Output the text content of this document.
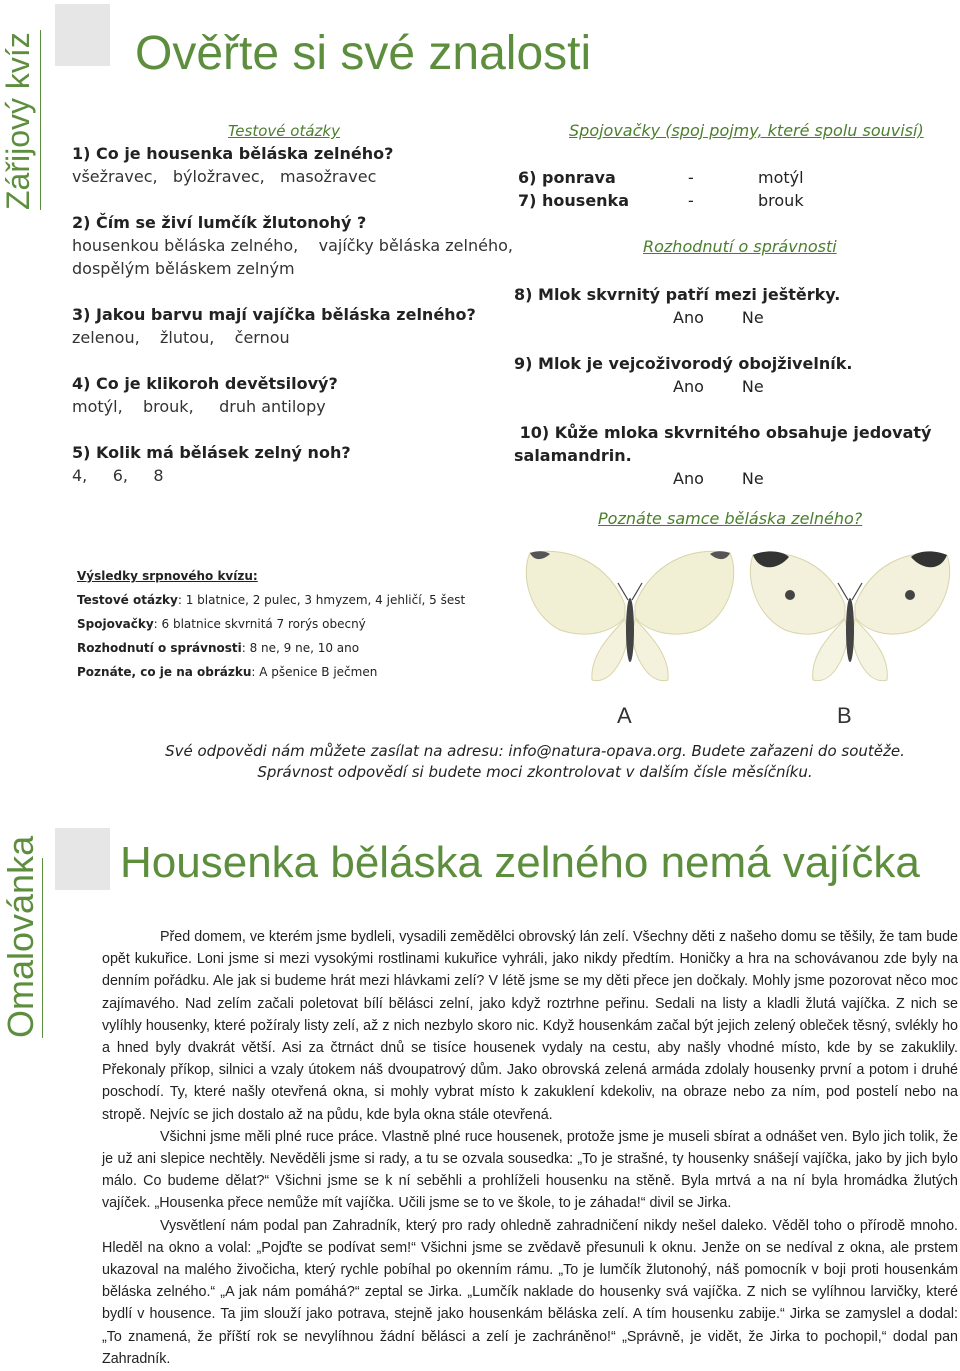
Zářijový kvíz
Omalovánka
Ověřte si své znalosti
Testové otázky
1) Co je housenka běláska zelného?
všežravec,   býložravec,   masožravec
2) Čím se živí lumčík žlutonohý ?
housenkou běláska zelného,    vajíčky běláska zelného,
dospělým běláskem zelným
3) Jakou barvu mají vajíčka běláska zelného?
zelenou,    žlutou,    černou
4) Co je klikoroh devětsilový?
motýl,    brouk,     druh antilopy
5) Kolik má bělásek zelný noh?
4,     6,     8
Spojovačky (spoj pojmy, které spolu souvisí)
6) ponrava	-	motýl
7) housenka	-	brouk
Rozhodnutí o správnosti
8) Mlok skvrnitý patří mezi ještěrky.
Ano Ne
9) Mlok je vejcoživorodý obojživelník.
Ano Ne
10) Kůže mloka skvrnitého obsahuje jedovatý
salamandrin.
Ano Ne
Poznáte samce běláska zelného?
Výsledky srpnového kvízu:
Testové otázky: 1 blatnice, 2 pulec, 3 hmyzem, 4 jehličí, 5 šest
Spojovačky: 6 blatnice skvrnitá 7 rorýs obecný
Rozhodnutí o správnosti: 8 ne, 9 ne, 10 ano
Poznáte, co je na obrázku: A pšenice B ječmen
A	B
Své odpovědi nám můžete zasílat na adresu: info@natura-opava.org. Budete zařazeni do soutěže.
Správnost odpovědí si budete moci zkontrolovat v dalším čísle měsíčníku.
Housenka běláska zelného nemá vajíčka

Před domem, ve kterém jsme bydleli, vysadili zemědělci obrovský lán zelí. Všechny děti z našeho domu se těšily, že tam bude opět kukuřice. Loni jsme si mezi vysokými rostlinami kukuřice vyhráli, jako nikdy předtím. Honičky a hra na schovávanou zde byly na denním pořádku. Ale jak si budeme hrát mezi hlávkami zelí? V létě jsme se my děti přece jen dočkaly. Mohly jsme pozorovat něco moc zajímavého. Nad zelím začali poletovat bílí bělásci zelní, jako když roztrhne peřinu. Sedali na listy a kladli žlutá vajíčka. Z nich se vylíhly housenky, které požíraly listy zelí, až z nich nezbylo skoro nic. Když housenkám začal být jejich zelený obleček těsný, svlékly ho a hned byly dvakrát větší. Asi za čtrnáct dnů se tisíce housenek vydaly na cestu, aby našly vhodné místo, kde by se zakuklily. Překonaly příkop, silnici a vzaly útokem náš dvoupatrový dům. Jako obrovská zelená armáda zdolaly housenky první a potom i druhé poschodí. Ty, které našly otevřená okna, si mohly vybrat místo k zakuklení kdekoliv, na obraze nebo za ním, pod postelí nebo na stropě. Nejvíc se jich dostalo až na půdu, kde byla okna stále otevřená.

Všichni jsme měli plné ruce práce. Vlastně plné ruce housenek, protože jsme je museli sbírat a odnášet ven. Bylo jich tolik, že je už ani slepice nechtěly. Nevěděli jsme si rady, a tu se ozvala sousedka: „To je strašné, ty housenky snášejí vajíčka, jako by jich bylo málo. Co budeme dělat?“ Všichni jsme se k ní seběhli a prohlíželi housenku na stěně. Byla mrtvá a na ní byla hromádka žlutých vajíček. „Housenka přece nemůže mít vajíčka. Učili jsme se to ve škole, to je záhada!“ divil se Jirka.

Vysvětlení nám podal pan Zahradník, který pro rady ohledně zahradničení nikdy nešel daleko. Věděl toho o přírodě mnoho. Hleděl na okno a volal: „Pojďte se podívat sem!“ Všichni jsme se zvědavě přesunuli k oknu. Jenže on se nedíval z okna, ale prstem ukazoval na malého živočicha, který rychle pobíhal po okenním rámu. „To je lumčík žlutonohý, náš pomocník v boji proti housenkám běláska zelného.“ „A jak nám pomáhá?“ zeptal se Jirka. „Lumčík naklade do housenky svá vajíčka. Z nich se vylíhnou larvičky, které bydlí v housence. Ta jim slouží jako potrava, stejně jako housenkám běláska zelí. A tím housenku zabije.“ Jirka se zamyslel a dodal: „To znamená, že příští rok se nevylíhnou žádní bělásci a zelí je zachráněno!“ „Správně, je vidět, že Jirka to pochopil,“ dodal pan Zahradník.
